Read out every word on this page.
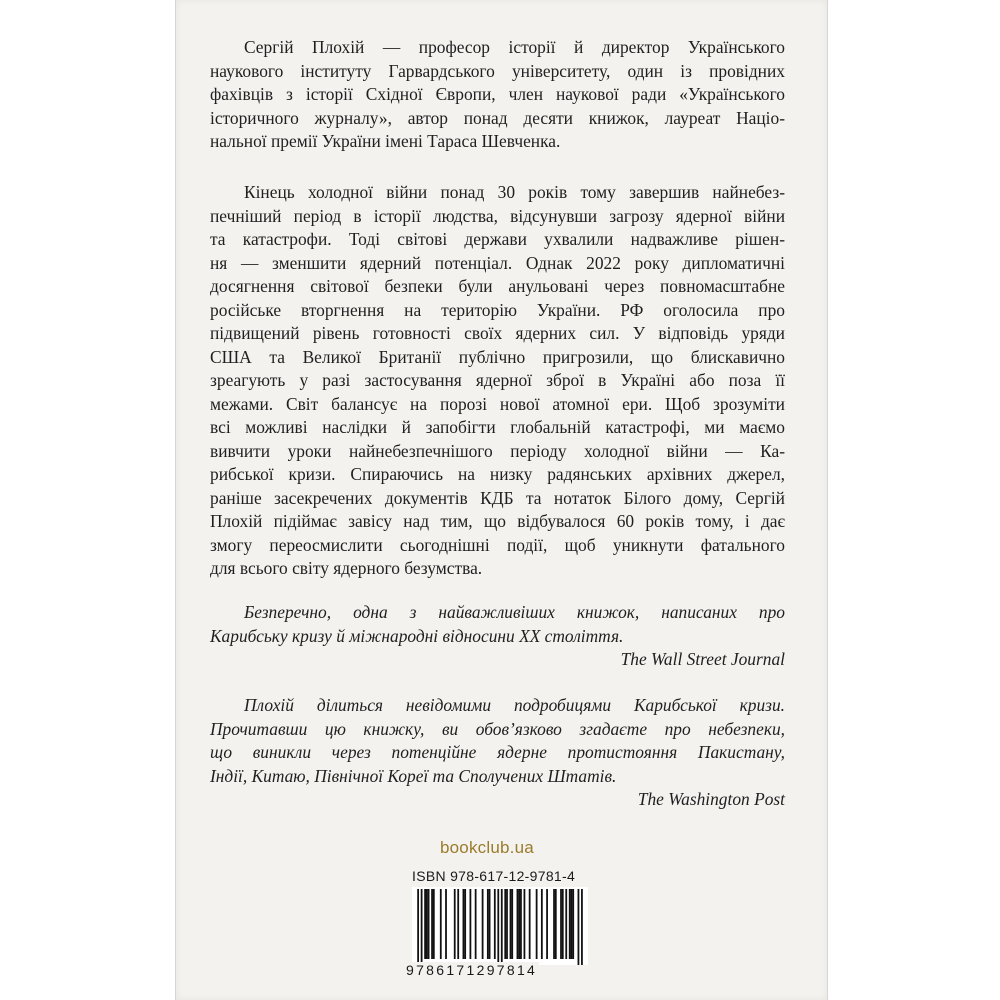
Сергій Плохій — професор історії й директор Українського
наукового інституту Гарвардського університету, один із провідних
фахівців з історії Східної Європи, член наукової ради «Українського
історичного журналу», автор понад десяти книжок, лауреат Націо-
нальної премії України імені Тараса Шевченка.
Кінець холодної війни понад 30 років тому завершив найнебез-
печніший період в історії людства, відсунувши загрозу ядерної війни
та катастрофи. Тоді світові держави ухвалили надважливе рішен-
ня — зменшити ядерний потенціал. Однак 2022 року дипломатичні
досягнення світової безпеки були анульовані через повномасштабне
російське вторгнення на територію України. РФ оголосила про
підвищений рівень готовності своїх ядерних сил. У відповідь уряди
США та Великої Британії публічно пригрозили, що блискавично
зреагують у разі застосування ядерної зброї в Україні або поза її
межами. Світ балансує на порозі нової атомної ери. Щоб зрозуміти
всі можливі наслідки й запобігти глобальній катастрофі, ми маємо
вивчити уроки найнебезпечнішого періоду холодної війни — Ка-
рибської кризи. Спираючись на низку радянських архівних джерел,
раніше засекречених документів КДБ та нотаток Білого дому, Сергій
Плохій підіймає завісу над тим, що відбувалося 60 років тому, і дає
змогу переосмислити сьогоднішні події, щоб уникнути фатального
для всього світу ядерного безумства.
Безперечно, одна з найважливіших книжок, написаних про
Карибську кризу й міжнародні відносини XX століття.
The Wall Street Journal
Плохій ділиться невідомими подробицями Карибської кризи.
Прочитавши цю книжку, ви обов’язково згадаєте про небезпеки,
що виникли через потенційне ядерне протистояння Пакистану,
Індії, Китаю, Північної Кореї та Сполучених Штатів.
The Washington Post
bookclub.ua
ISBN 978-617-12-9781-4
9786171297814
